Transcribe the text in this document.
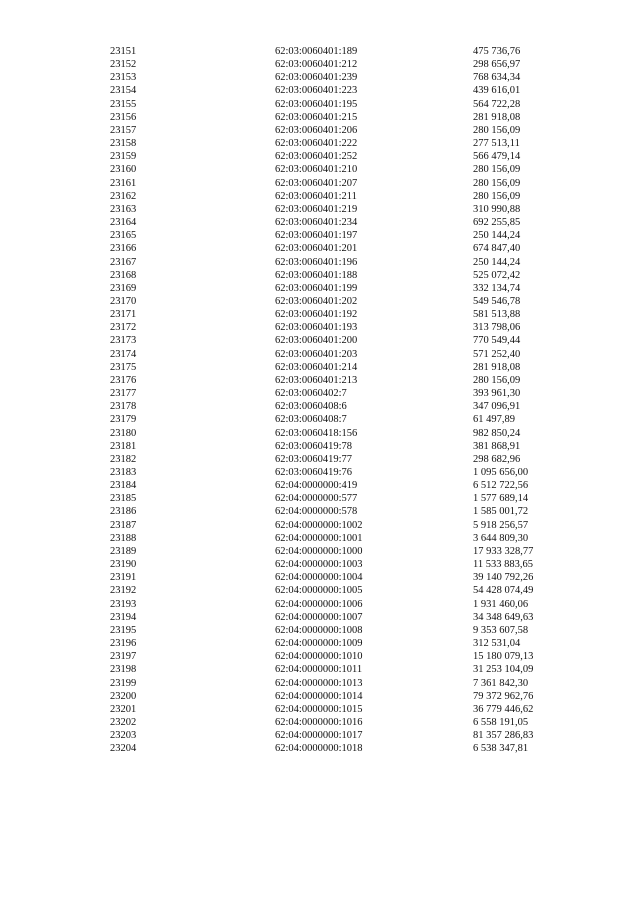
23151	62:03:0060401:189	475 736,76
23152	62:03:0060401:212	298 656,97
23153	62:03:0060401:239	768 634,34
23154	62:03:0060401:223	439 616,01
23155	62:03:0060401:195	564 722,28
23156	62:03:0060401:215	281 918,08
23157	62:03:0060401:206	280 156,09
23158	62:03:0060401:222	277 513,11
23159	62:03:0060401:252	566 479,14
23160	62:03:0060401:210	280 156,09
23161	62:03:0060401:207	280 156,09
23162	62:03:0060401:211	280 156,09
23163	62:03:0060401:219	310 990,88
23164	62:03:0060401:234	692 255,85
23165	62:03:0060401:197	250 144,24
23166	62:03:0060401:201	674 847,40
23167	62:03:0060401:196	250 144,24
23168	62:03:0060401:188	525 072,42
23169	62:03:0060401:199	332 134,74
23170	62:03:0060401:202	549 546,78
23171	62:03:0060401:192	581 513,88
23172	62:03:0060401:193	313 798,06
23173	62:03:0060401:200	770 549,44
23174	62:03:0060401:203	571 252,40
23175	62:03:0060401:214	281 918,08
23176	62:03:0060401:213	280 156,09
23177	62:03:0060402:7	393 961,30
23178	62:03:0060408:6	347 096,91
23179	62:03:0060408:7	61 497,89
23180	62:03:0060418:156	982 850,24
23181	62:03:0060419:78	381 868,91
23182	62:03:0060419:77	298 682,96
23183	62:03:0060419:76	1 095 656,00
23184	62:04:0000000:419	6 512 722,56
23185	62:04:0000000:577	1 577 689,14
23186	62:04:0000000:578	1 585 001,72
23187	62:04:0000000:1002	5 918 256,57
23188	62:04:0000000:1001	3 644 809,30
23189	62:04:0000000:1000	17 933 328,77
23190	62:04:0000000:1003	11 533 883,65
23191	62:04:0000000:1004	39 140 792,26
23192	62:04:0000000:1005	54 428 074,49
23193	62:04:0000000:1006	1 931 460,06
23194	62:04:0000000:1007	34 348 649,63
23195	62:04:0000000:1008	9 353 607,58
23196	62:04:0000000:1009	312 531,04
23197	62:04:0000000:1010	15 180 079,13
23198	62:04:0000000:1011	31 253 104,09
23199	62:04:0000000:1013	7 361 842,30
23200	62:04:0000000:1014	79 372 962,76
23201	62:04:0000000:1015	36 779 446,62
23202	62:04:0000000:1016	6 558 191,05
23203	62:04:0000000:1017	81 357 286,83
23204	62:04:0000000:1018	6 538 347,81
